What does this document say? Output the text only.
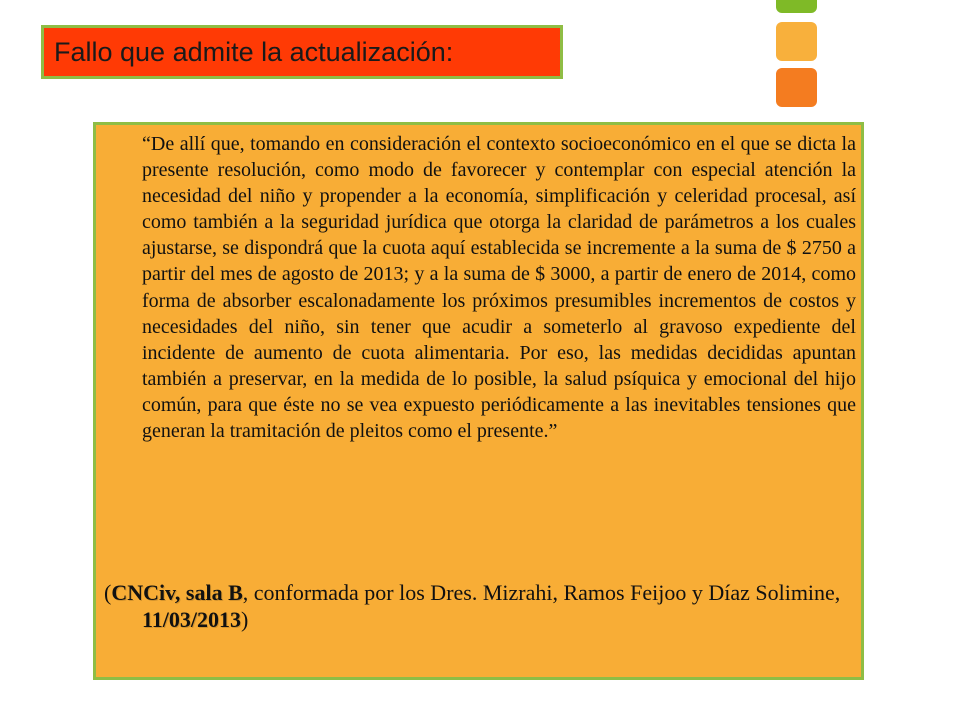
Fallo que admite la actualización:

“De allí que, tomando en consideración el contexto socioeconómico en el que se dicta la presente resolución, como modo de favorecer y contemplar con especial atención la necesidad del niño y propender a la economía, simplificación y celeridad procesal, así como también a la seguridad jurídica que otorga la claridad de parámetros a los cuales ajustarse, se dispondrá que la cuota aquí establecida se incremente a la suma de $ 2750 a partir del mes de agosto de 2013; y a la suma de $ 3000, a partir de enero de 2014, como forma de absorber escalonadamente los próximos presumibles incrementos de costos y necesidades del niño, sin tener que acudir a someterlo al gravoso expediente del incidente de aumento de cuota alimentaria. Por eso, las medidas decididas apuntan también a preservar, en la medida de lo posible, la salud psíquica y emocional del hijo común, para que éste no se vea expuesto periódicamente a las inevitables tensiones que generan la tramitación de pleitos como el presente.”

(CNCiv, sala B, conformada por los Dres. Mizrahi, Ramos Feijoo y Díaz Solimine, 11/03/2013)
